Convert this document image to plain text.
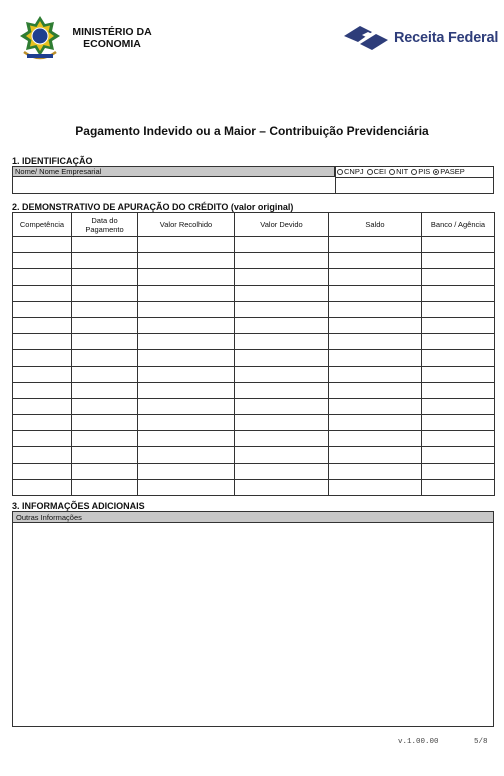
MINISTÉRIO DA
ECONOMIA	Receita Federal
Pagamento Indevido ou a Maior – Contribuição Previdenciária
1. IDENTIFICAÇÃO
Nome/ Nome Empresarial	CNPJ CEI NIT PIS PASEP
2. DEMONSTRATIVO DE APURAÇÃO DO CRÉDITO (valor original)
Competência	Data do Pagamento	Valor Recolhido	Valor Devido	Saldo	Banco / Agência

3. INFORMAÇÕES ADICIONAIS
Outras Informações
v.1.00.00	5/8
